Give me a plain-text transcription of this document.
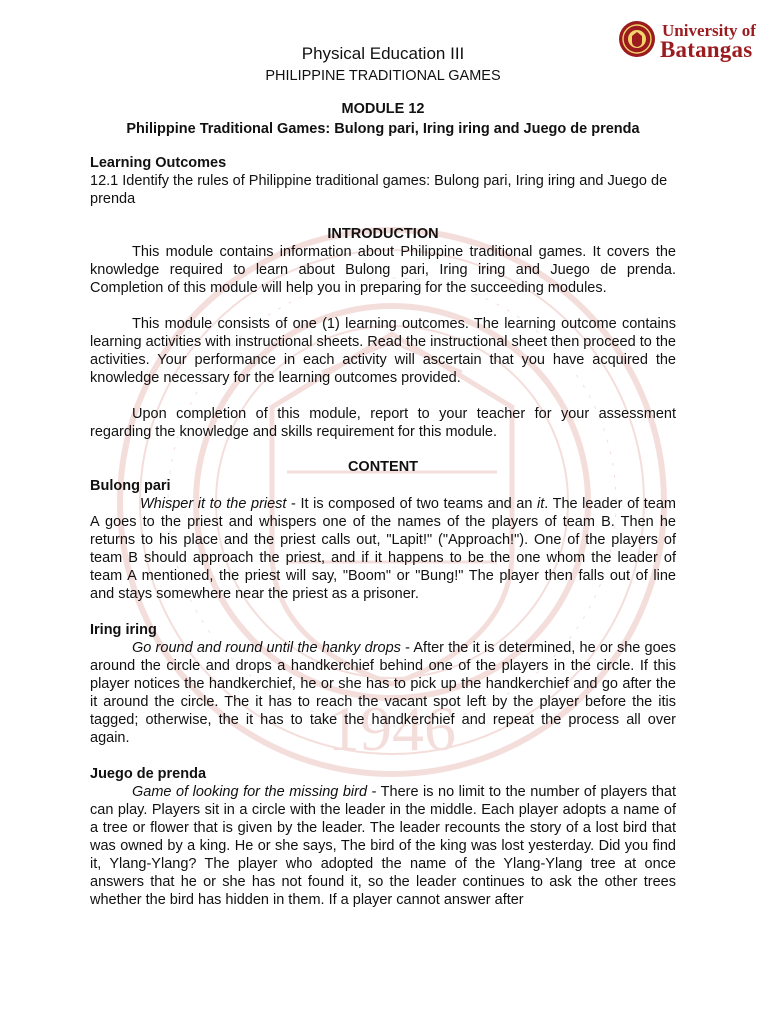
1946
University of
Batangas
Physical Education III
PHILIPPINE TRADITIONAL GAMES
MODULE 12
Philippine Traditional Games: Bulong pari, Iring iring and Juego de prenda
Learning Outcomes

12.1 Identify the rules of Philippine traditional games: Bulong pari, Iring iring and Juego de prenda

INTRODUCTION

This module contains information about Philippine traditional games. It covers the knowledge required to learn about Bulong pari, Iring iring and Juego de prenda. Completion of this module will help you in preparing for the succeeding modules.

This module consists of one (1) learning outcomes. The learning outcome contains learning activities with instructional sheets. Read the instructional sheet then proceed to the activities. Your performance in each activity will ascertain that you have acquired the knowledge necessary for the learning outcomes provided.

Upon completion of this module, report to your teacher for your assessment regarding the knowledge and skills requirement for this module.

CONTENT
Bulong pari

Whisper it to the priest - It is composed of two teams and an it. The leader of team A goes to the priest and whispers one of the names of the players of team B. Then he returns to his place and the priest calls out, "Lapit!" ("Approach!"). One of the players of team B should approach the priest, and if it happens to be the one whom the leader of team A mentioned, the priest will say, "Boom" or "Bung!" The player then falls out of line and stays somewhere near the priest as a prisoner.

Iring iring

Go round and round until the hanky drops - After the it is determined, he or she goes around the circle and drops a handkerchief behind one of the players in the circle. If this player notices the handkerchief, he or she has to pick up the handkerchief and go after the it around the circle. The it has to reach the vacant spot left by the player before the itis tagged; otherwise, the it has to take the handkerchief and repeat the process all over again.

Juego de prenda

Game of looking for the missing bird - There is no limit to the number of players that can play. Players sit in a circle with the leader in the middle. Each player adopts a name of a tree or flower that is given by the leader. The leader recounts the story of a lost bird that was owned by a king. He or she says, The bird of the king was lost yesterday. Did you find it, Ylang-Ylang? The player who adopted the name of the Ylang-Ylang tree at once answers that he or she has not found it, so the leader continues to ask the other trees whether the bird has hidden in them. If a player cannot answer after
